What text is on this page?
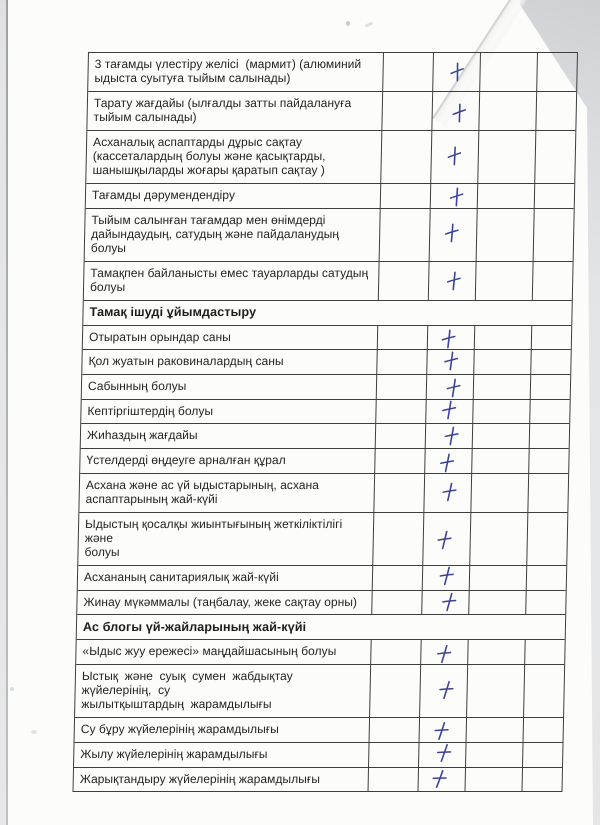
3 тағамды үлестіру желісі  (мармит) (алюминий
ыдыста суытуға тыйым салынады)
Тарату жағдайы (ылғалды затты пайдалануға
тыйым салынады)
Асханалық аспаптарды дұрыс сақтау
(кассеталардың болуы және қасықтарды,
шанышқыларды жоғары қаратып сақтау )
Тағамды дәрумендендіру
Тыйым салынған тағамдар мен өнімдерді
дайындаудың, сатудың және пайдаланудың болуы
Тамақпен байланысты емес тауарларды сатудың
болуы
Тамақ ішуді ұйымдастыру
Отыратын орындар саны
Қол жуатын раковиналардың саны
Сабынның болуы
Кептіргіштердің болуы
Жиһаздың жағдайы
Үстелдерді өңдеуге арналған құрал
Асхана және ас үй ыдыстарының, асхана
аспаптарының жай-күйі
Ыдыстың қосалқы жиынтығының жеткіліктілігі және
болуы
Асхананың санитариялық жай-күйі
Жинау мүкәммалы (таңбалау, жеке сақтау орны)
Ас блогы үй-жайларының жай-күйі
«Ыдыс жуу ережесі» маңдайшасының болуы
Ыстық және суық сумен жабдықтау жүйелерінің, су
жылытқыштардың жарамдылығы
Су бұру жүйелерінің жарамдылығы
Жылу жүйелерінің жарамдылығы
Жарықтандыру жүйелерінің жарамдылығы
